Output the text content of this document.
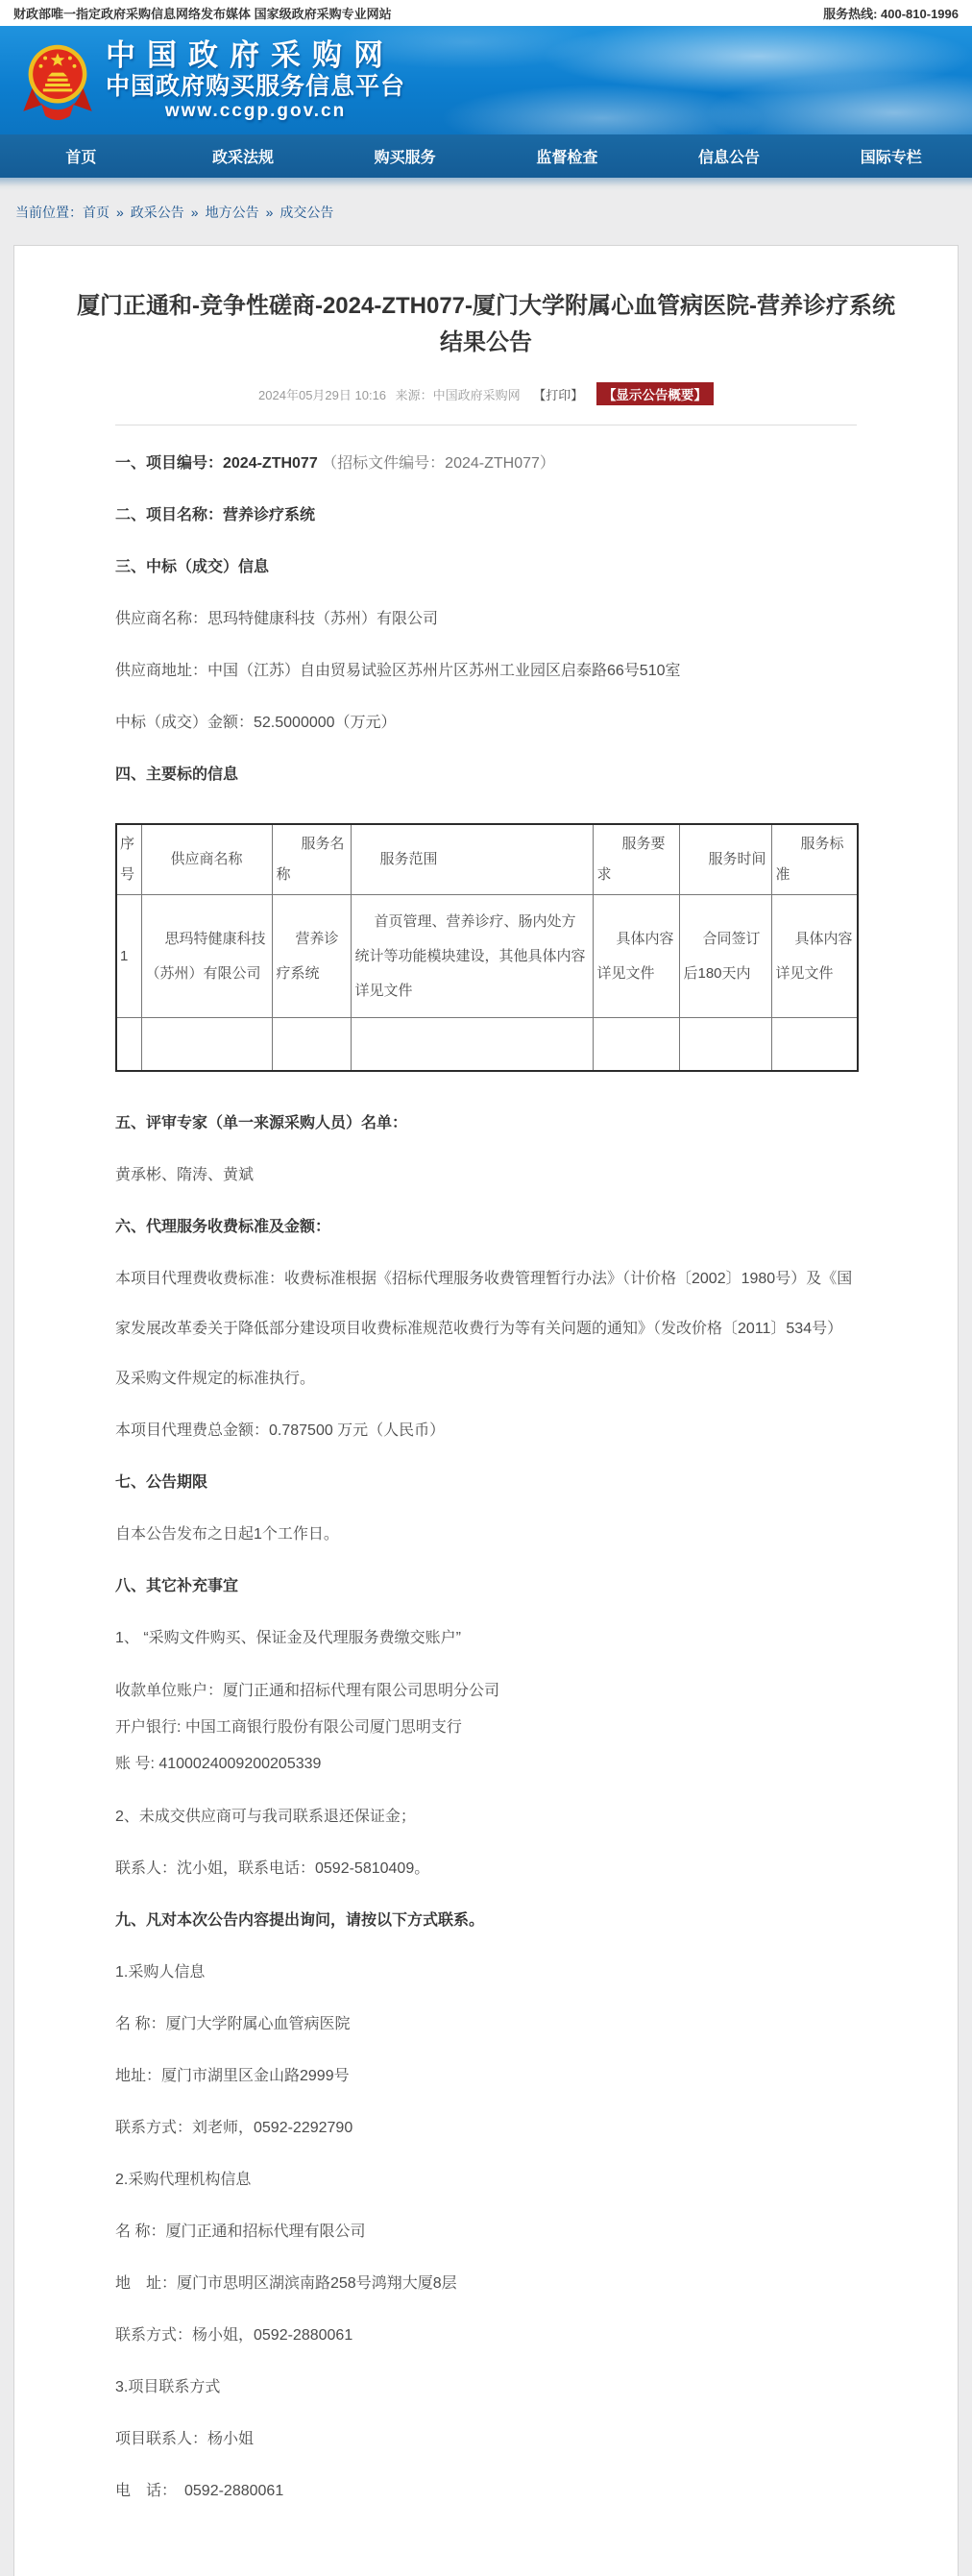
财政部唯一指定政府采购信息网络发布媒体 国家级政府采购专业网站	服务热线: 400-810-1996
中国政府采购网
中国政府购买服务信息平台
www.ccgp.gov.cn
首页	政采法规	购买服务	监督检查	信息公告	国际专栏
当前位置：首页 » 政采公告 » 地方公告 » 成交公告
厦门正通和-竞争性磋商-2024-ZTH077-厦门大学附属心血管病医院-营养诊疗系统结果公告
2024年05月29日 10:16 来源：中国政府采购网 【打印】 【显示公告概要】

一、项目编号：2024-ZTH077 （招标文件编号：2024-ZTH077）

二、项目名称：营养诊疗系统

三、中标（成交）信息

供应商名称：思玛特健康科技（苏州）有限公司

供应商地址：中国（江苏）自由贸易试验区苏州片区苏州工业园区启泰路66号510室

中标（成交）金额：52.5000000（万元）

四、主要标的信息

序号	供应商名称	服务名称	服务范围	服务要求	服务时间	服务标准
1	思玛特健康科技（苏州）有限公司	营养诊疗系统	首页管理、营养诊疗、肠内处方统计等功能模块建设，其他具体内容详见文件	具体内容详见文件	合同签订后180天内	具体内容详见文件

五、评审专家（单一来源采购人员）名单：

黄承彬、隋涛、黄斌

六、代理服务收费标准及金额：

本项目代理费收费标准：收费标准根据《招标代理服务收费管理暂行办法》（计价格〔2002〕1980号）及《国家发展改革委关于降低部分建设项目收费标准规范收费行为等有关问题的通知》（发改价格〔2011〕534号）及采购文件规定的标准执行。

本项目代理费总金额：0.787500 万元（人民币）

七、公告期限

自本公告发布之日起1个工作日。

八、其它补充事宜

1、 “采购文件购买、保证金及代理服务费缴交账户”

收款单位账户：厦门正通和招标代理有限公司思明分公司
开户银行: 中国工商银行股份有限公司厦门思明支行
账 号: 4100024009200205339

2、未成交供应商可与我司联系退还保证金；

联系人：沈小姐，联系电话：0592-5810409。

九、凡对本次公告内容提出询问，请按以下方式联系。

1.采购人信息

名 称：厦门大学附属心血管病医院

地址：厦门市湖里区金山路2999号

联系方式：刘老师，0592-2292790

2.采购代理机构信息

名 称：厦门正通和招标代理有限公司

地　址：厦门市思明区湖滨南路258号鸿翔大厦8层

联系方式：杨小姐，0592-2880061

3.项目联系方式

项目联系人：杨小姐

电　话：　0592-2880061
